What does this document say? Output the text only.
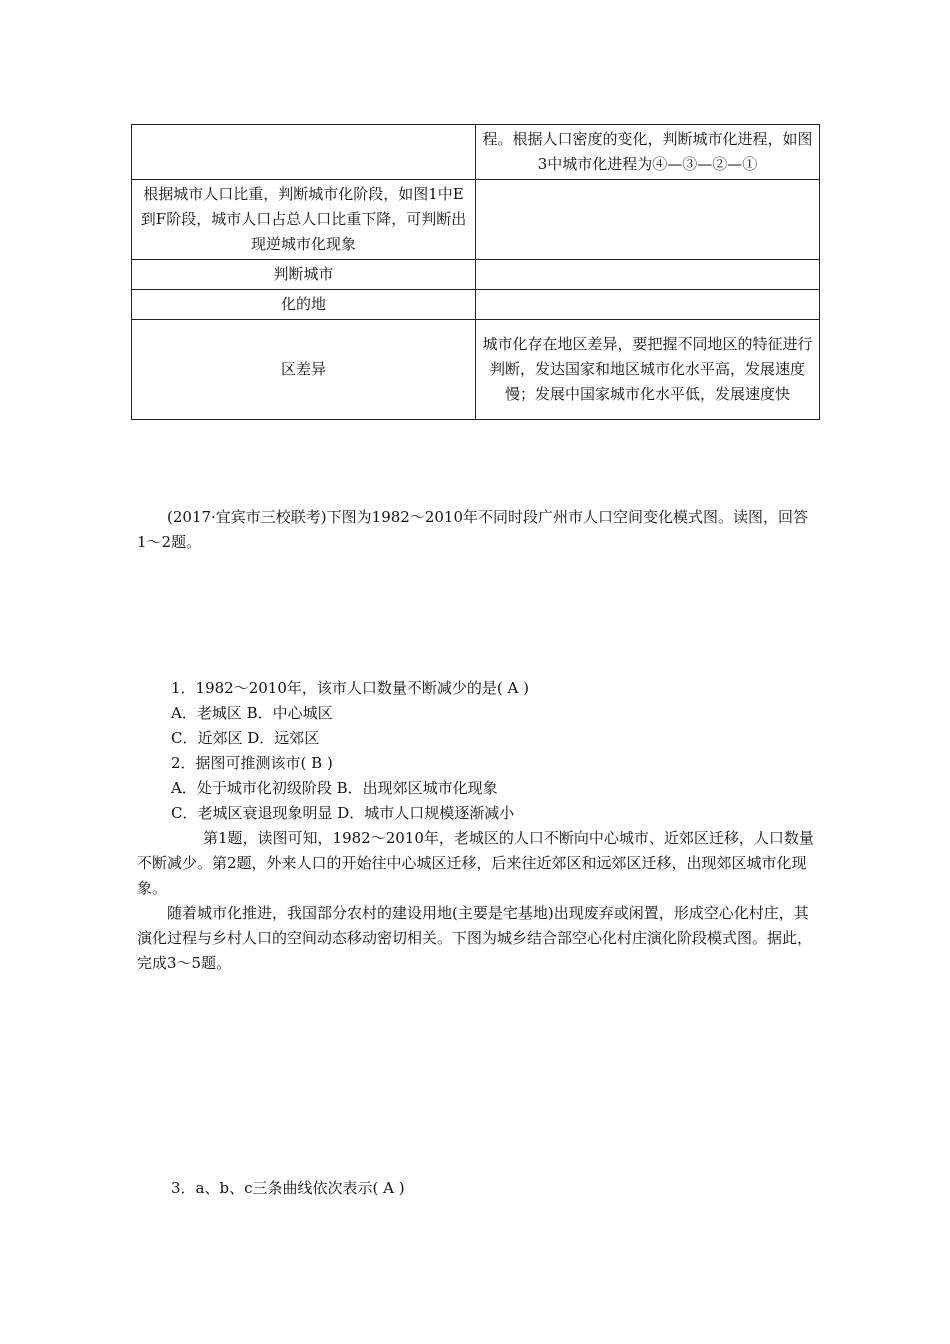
	程。根据人口密度的变化，判断城市化进程，如图3中城市化进程为④—③—②—①
根据城市人口比重，判断城市化阶段，如图1中E到F阶段，城市人口占总人口比重下降，可判断出现逆城市化现象	
判断城市	
化的地	
区差异	城市化存在地区差异，要把握不同地区的特征进行判断，发达国家和地区城市化水平高，发展速度慢；发展中国家城市化水平低，发展速度快
(2017·宜宾市三校联考)下图为1982～2010年不同时段广州市人口空间变化模式图。读图，回答1～2题。
1．1982～2010年，该市人口数量不断减少的是( A )
A．老城区 B．中心城区
C．近郊区 D．远郊区
2．据图可推测该市( B )
A．处于城市化初级阶段 B．出现郊区城市化现象
C．老城区衰退现象明显 D．城市人口规模逐渐减小
第1题，读图可知，1982～2010年，老城区的人口不断向中心城市、近郊区迁移，人口数量不断减少。第2题，外来人口的开始往中心城区迁移，后来往近郊区和远郊区迁移，出现郊区城市化现象。
随着城市化推进，我国部分农村的建设用地(主要是宅基地)出现废弃或闲置，形成空心化村庄，其演化过程与乡村人口的空间动态移动密切相关。下图为城乡结合部空心化村庄演化阶段模式图。据此，完成3～5题。
3．a、b、c三条曲线依次表示( A )
